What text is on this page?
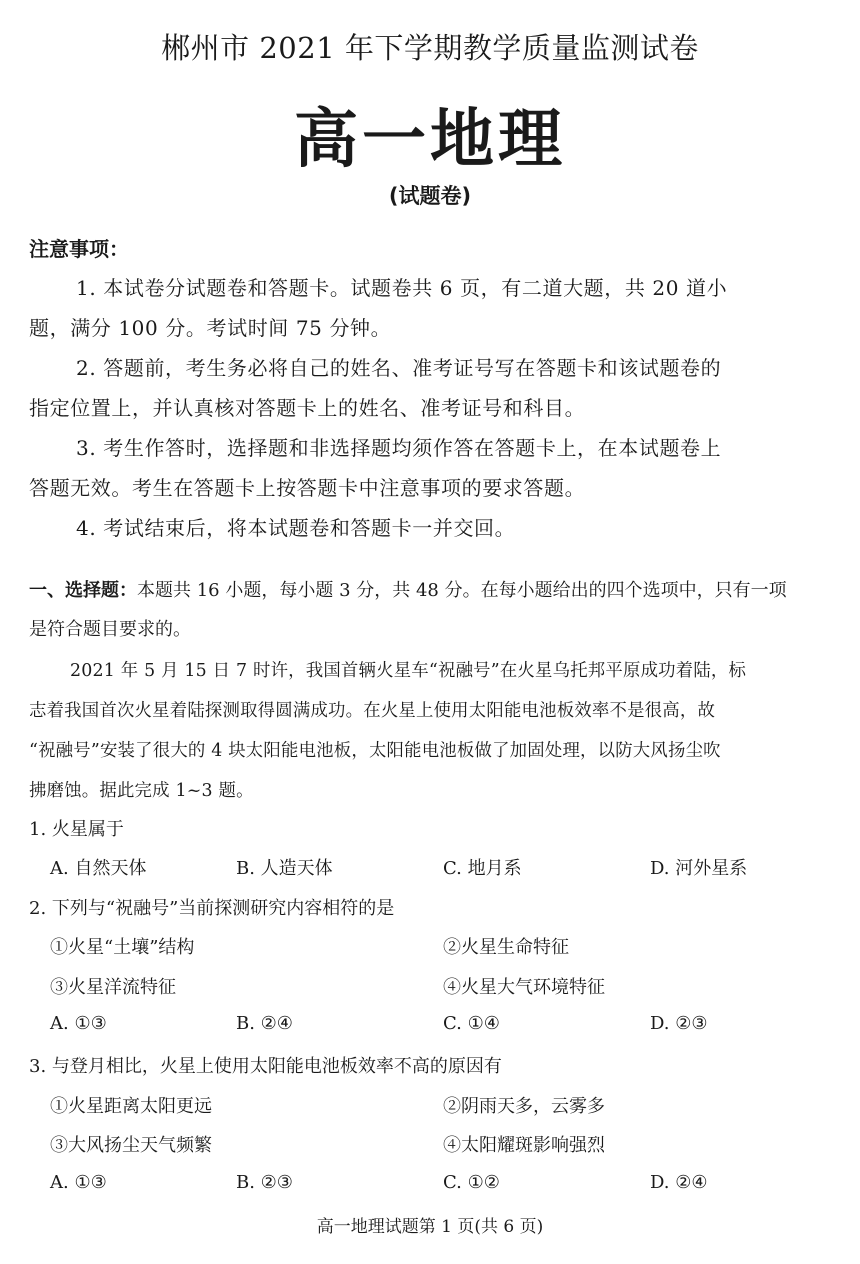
郴州市 2021 年下学期教学质量监测试卷
高一地理
(试题卷)
注意事项：
1. 本试卷分试题卷和答题卡。试题卷共 6 页，有二道大题，共 20 道小
题，满分 100 分。考试时间 75 分钟。
2. 答题前，考生务必将自己的姓名、准考证号写在答题卡和该试题卷的
指定位置上，并认真核对答题卡上的姓名、准考证号和科目。
3. 考生作答时，选择题和非选择题均须作答在答题卡上，在本试题卷上
答题无效。考生在答题卡上按答题卡中注意事项的要求答题。
4. 考试结束后，将本试题卷和答题卡一并交回。
一、选择题：本题共 16 小题，每小题 3 分，共 48 分。在每小题给出的四个选项中，只有一项
是符合题目要求的。
2021 年 5 月 15 日 7 时许，我国首辆火星车“祝融号”在火星乌托邦平原成功着陆，标
志着我国首次火星着陆探测取得圆满成功。在火星上使用太阳能电池板效率不是很高，故
“祝融号”安装了很大的 4 块太阳能电池板，太阳能电池板做了加固处理，以防大风扬尘吹
拂磨蚀。据此完成 1~3 题。
1. 火星属于
A. 自然天体	B. 人造天体	C. 地月系	D. 河外星系
2. 下列与“祝融号”当前探测研究内容相符的是
①火星“土壤”结构	②火星生命特征
③火星洋流特征	④火星大气环境特征
A. ①③	B. ②④	C. ①④	D. ②③
3. 与登月相比，火星上使用太阳能电池板效率不高的原因有
①火星距离太阳更远	②阴雨天多，云雾多
③大风扬尘天气频繁	④太阳耀斑影响强烈
A. ①③	B. ②③	C. ①②	D. ②④
高一地理试题第 1 页(共 6 页)
